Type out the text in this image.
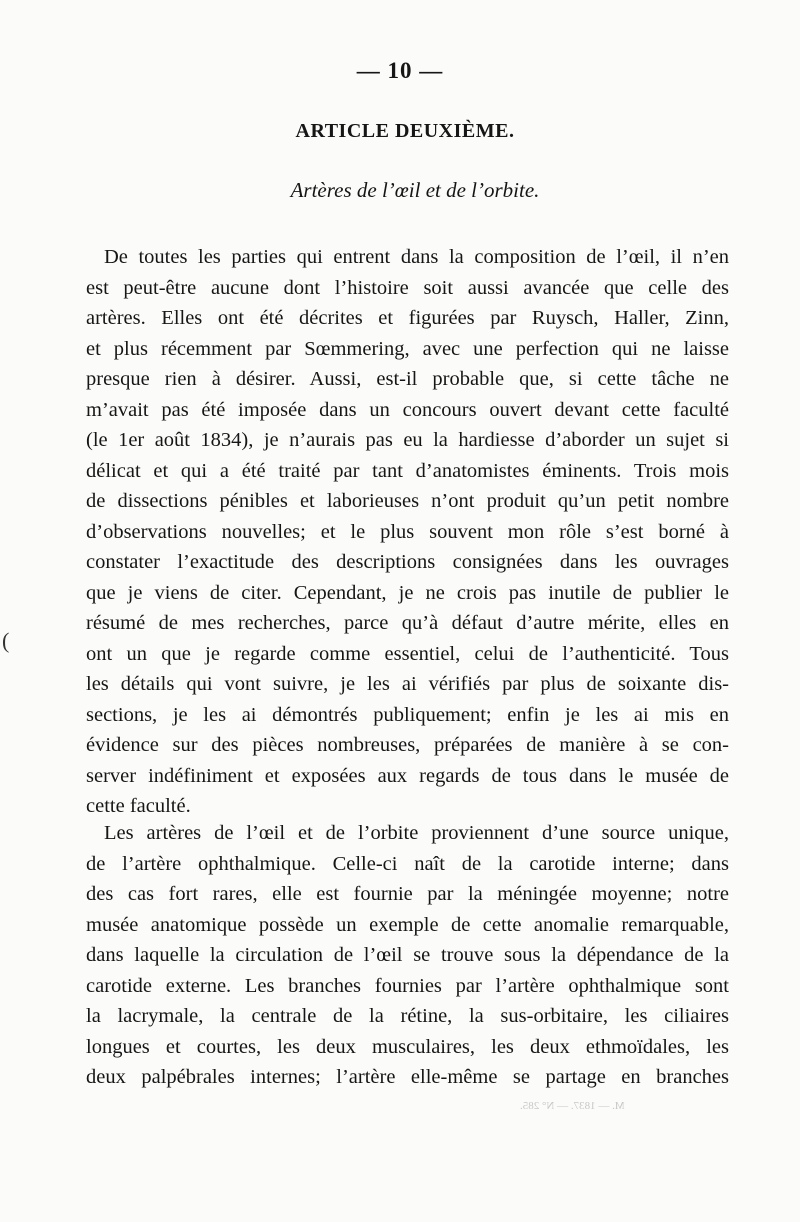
— 10 —
ARTICLE DEUXIÈME.
Artères de l’œil et de l’orbite.
De toutes les parties qui entrent dans la composition de l’œil, il n’en
est peut-être aucune dont l’histoire soit aussi avancée que celle des
artères. Elles ont été décrites et figurées par Ruysch, Haller, Zinn,
et plus récemment par Sœmmering, avec une perfection qui ne laisse
presque rien à désirer. Aussi, est-il probable que, si cette tâche ne
m’avait pas été imposée dans un concours ouvert devant cette faculté
(le 1er août 1834), je n’aurais pas eu la hardiesse d’aborder un sujet si
délicat et qui a été traité par tant d’anatomistes éminents. Trois mois
de dissections pénibles et laborieuses n’ont produit qu’un petit nombre
d’observations nouvelles; et le plus souvent mon rôle s’est borné à
constater l’exactitude des descriptions consignées dans les ouvrages
que je viens de citer. Cependant, je ne crois pas inutile de publier le
résumé de mes recherches, parce qu’à défaut d’autre mérite, elles en
ont un que je regarde comme essentiel, celui de l’authenticité. Tous
les détails qui vont suivre, je les ai vérifiés par plus de soixante dis-
sections, je les ai démontrés publiquement; enfin je les ai mis en
évidence sur des pièces nombreuses, préparées de manière à se con-
server indéfiniment et exposées aux regards de tous dans le musée de
cette faculté.
Les artères de l’œil et de l’orbite proviennent d’une source unique,
de l’artère ophthalmique. Celle-ci naît de la carotide interne; dans
des cas fort rares, elle est fournie par la méningée moyenne; notre
musée anatomique possède un exemple de cette anomalie remarquable,
dans laquelle la circulation de l’œil se trouve sous la dépendance de la
carotide externe. Les branches fournies par l’artère ophthalmique sont
la lacrymale, la centrale de la rétine, la sus-orbitaire, les ciliaires
longues et courtes, les deux musculaires, les deux ethmoïdales, les
deux palpébrales internes; l’artère elle-même se partage en branches
(
M. — 1837. — N° 285.
